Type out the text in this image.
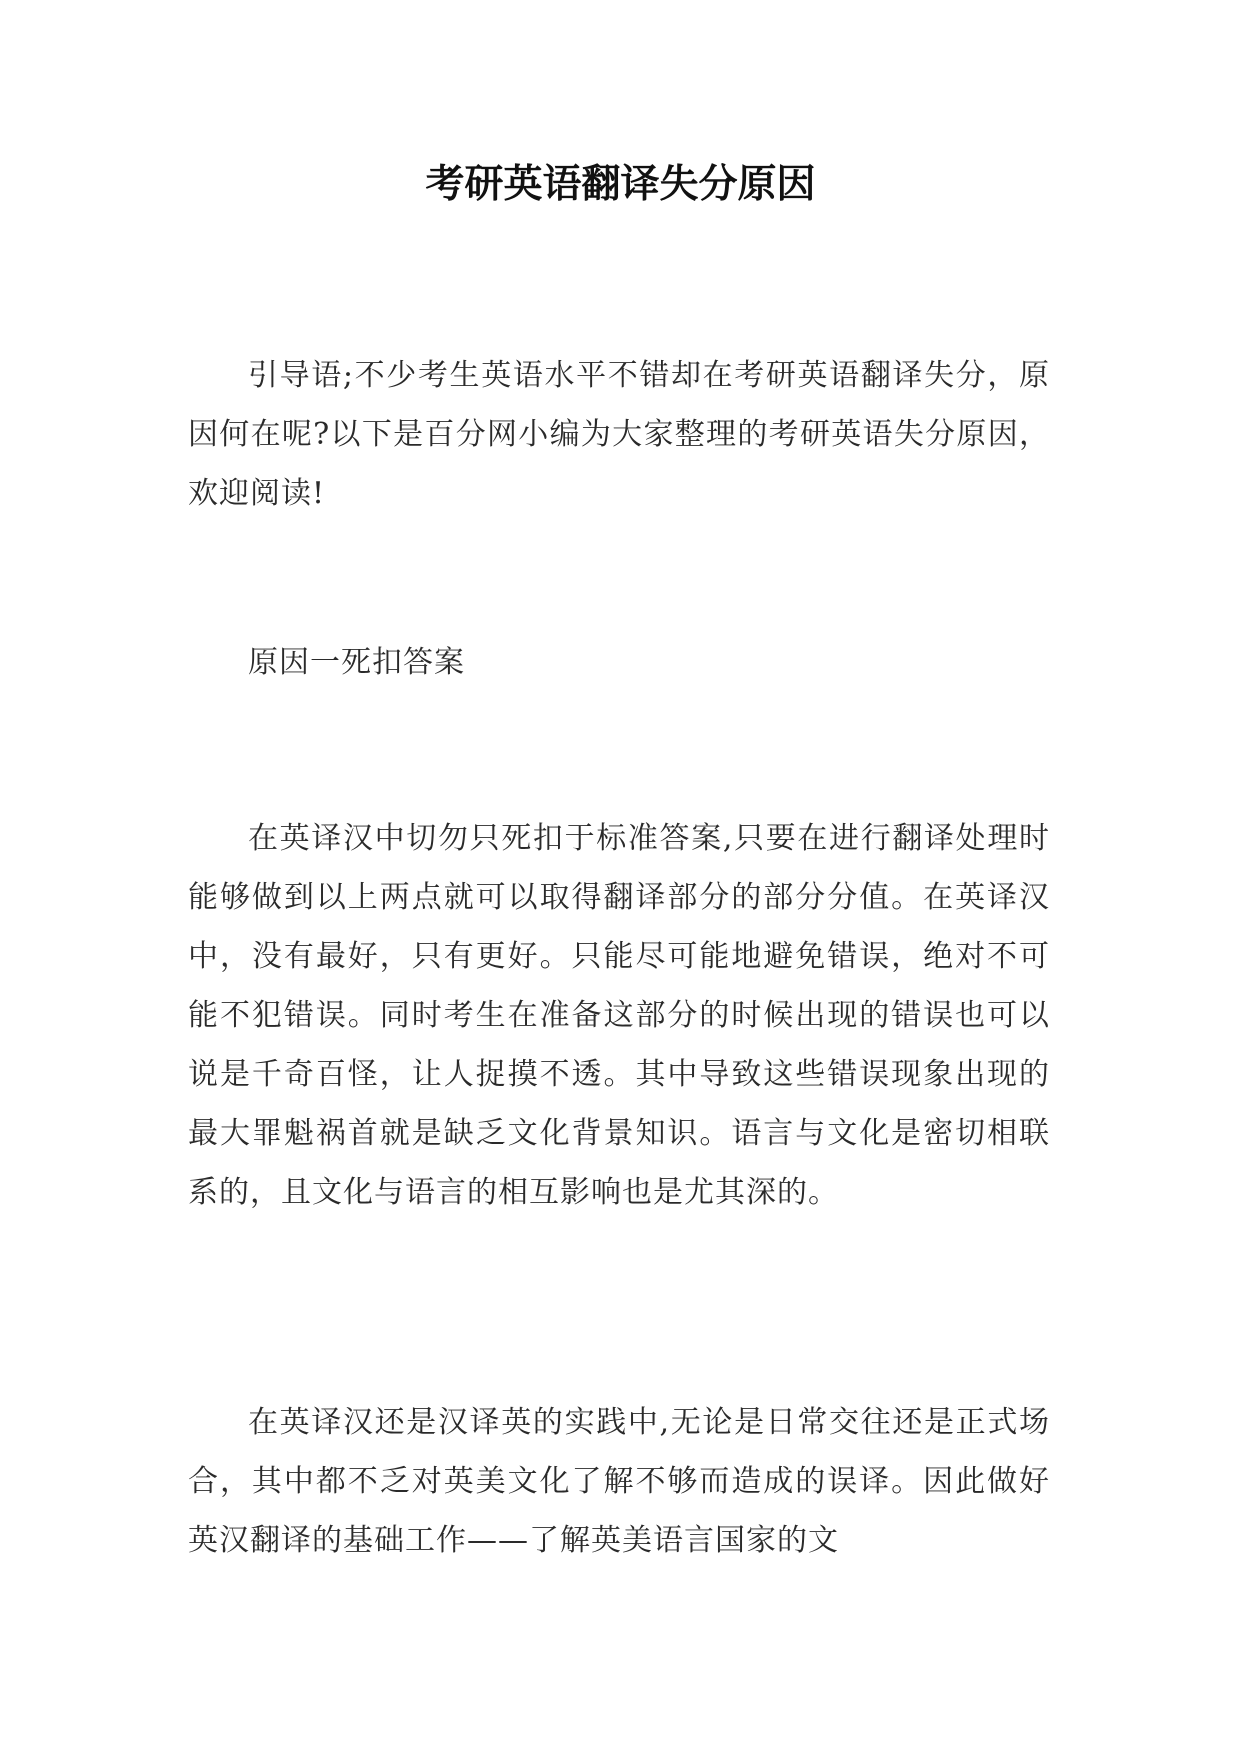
考研英语翻译失分原因

引导语;不少考生英语水平不错却在考研英语翻译失分，原因何在呢?以下是百分网小编为大家整理的考研英语失分原因，欢迎阅读!

原因一死扣答案

在英译汉中切勿只死扣于标准答案,只要在进行翻译处理时能够做到以上两点就可以取得翻译部分的部分分值。在英译汉中，没有最好，只有更好。只能尽可能地避免错误，绝对不可能不犯错误。同时考生在准备这部分的时候出现的错误也可以说是千奇百怪，让人捉摸不透。其中导致这些错误现象出现的最大罪魁祸首就是缺乏文化背景知识。语言与文化是密切相联系的，且文化与语言的相互影响也是尤其深的。

在英译汉还是汉译英的实践中,无论是日常交往还是正式场合，其中都不乏对英美文化了解不够而造成的误译。因此做好英汉翻译的基础工作——了解英美语言国家的文
